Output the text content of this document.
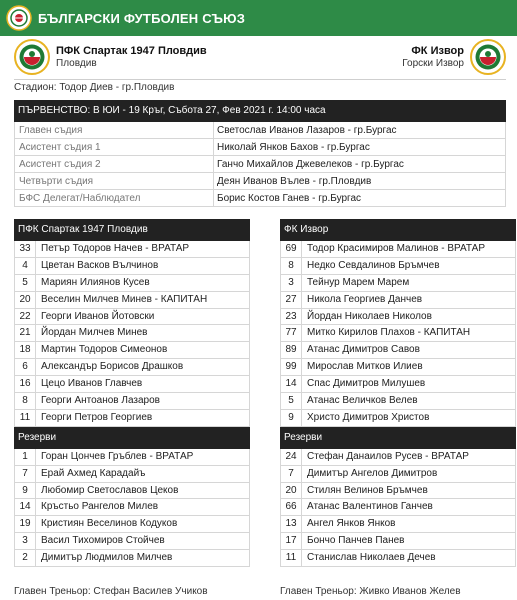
БЪЛГАРСКИ ФУТБОЛЕН СЪЮЗ
ПФК Спартак 1947 Пловдив
Пловдив
ФК Извор
Горски Извор
Стадион: Тодор Диев - гр.Пловдив
ПЪРВЕНСТВО: В ЮИ - 19 Кръг, Събота 27, Фев 2021 г. 14:00 часа
Главен съдия	Светослав Иванов Лазаров - гр.Бургас
Асистент съдия 1	Николай Янков Бахов - гр.Бургас
Асистент съдия 2	Ганчо Михайлов Джевелеков - гр.Бургас
Четвърти съдия	Деян Иванов Вълев - гр.Пловдив
БФС Делегат/Наблюдател	Борис Костов Ганев - гр.Бургас
ПФК Спартак 1947 Пловдив
33	Петър Тодоров Начев - ВРАТАР
4	Цветан Васков Вълчинов
5	Мариян Илиянов Кусев
20	Веселин Милчев Минев - КАПИТАН
22	Георги Иванов Йотовски
21	Йордан Милчев Минев
18	Мартин Тодоров Симеонов
6	Александър Борисов Драшков
16	Цецо Иванов Главчев
8	Георги Антоанов Лазаров
11	Георги Петров Георгиев
Резерви
1	Горан Цончев Гръблев - ВРАТАР
7	Ерай Ахмед Карадайъ
9	Любомир Светославов Цеков
14	Кръстьо Рангелов Милев
19	Кристиян Веселинов Кодуков
3	Васил Тихомиров Стойчев
2	Димитър Людмилов Милчев
ФК Извор
69	Тодор Красимиров Малинов - ВРАТАР
8	Недко Севдалинов Бръмчев
3	Тейнур Марем Марем
27	Никола Георгиев Данчев
23	Йордан Николаев Николов
77	Митко Кирилов Плахов - КАПИТАН
89	Атанас Димитров Савов
99	Мирослав Митков Илиев
14	Спас Димитров Милушев
5	Атанас Величков Велев
9	Христо Димитров Христов
Резерви
24	Стефан Данаилов Русев - ВРАТАР
7	Димитър Ангелов Димитров
20	Стилян Велинов Бръмчев
66	Атанас Валентинов Ганчев
13	Ангел Янков Янков
17	Бончо Панчев Панев
11	Станислав Николаев Дечев
Главен Треньор: Стефан Василев Учиков	Главен Треньор: Живко Иванов Желев
